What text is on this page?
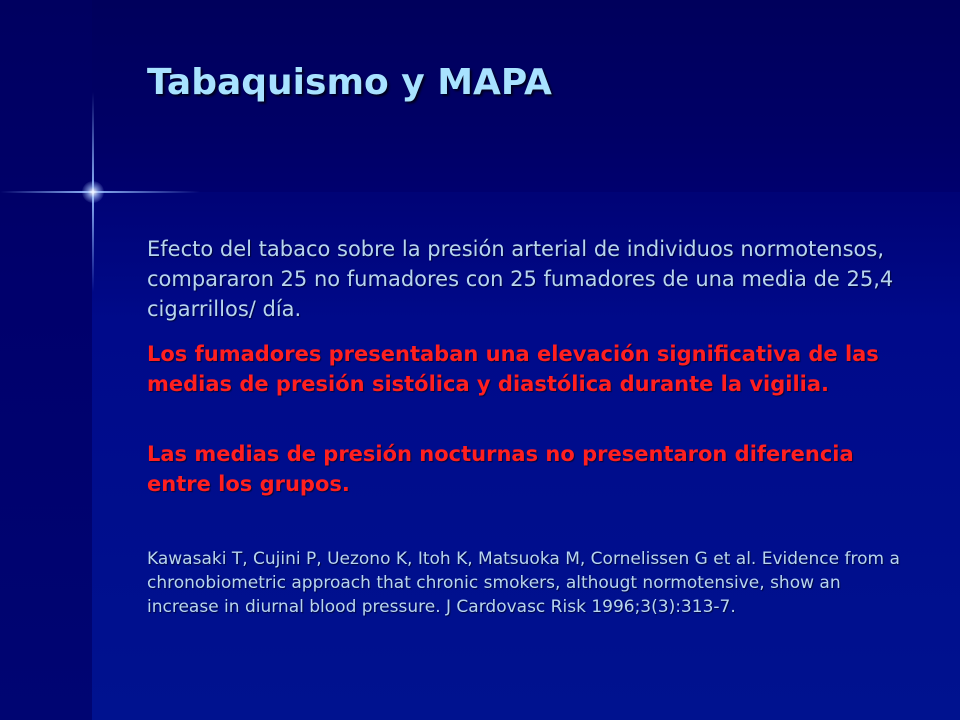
Tabaquismo y MAPA

Efecto del tabaco sobre la presión arterial de individuos normotensos, compararon 25 no fumadores con 25 fumadores de una media de 25,4 cigarrillos/ día.

Los fumadores presentaban una elevación significativa de las medias de presión sistólica y diastólica durante la vigilia.

Las medias de presión nocturnas no presentaron diferencia entre los grupos.

Kawasaki T, Cujini P, Uezono K, Itoh K, Matsuoka M, Cornelissen G et al. Evidence from a chronobiometric approach that chronic smokers, althougt normotensive, show an increase in diurnal blood pressure. J Cardovasc Risk 1996;3(3):313-7.
